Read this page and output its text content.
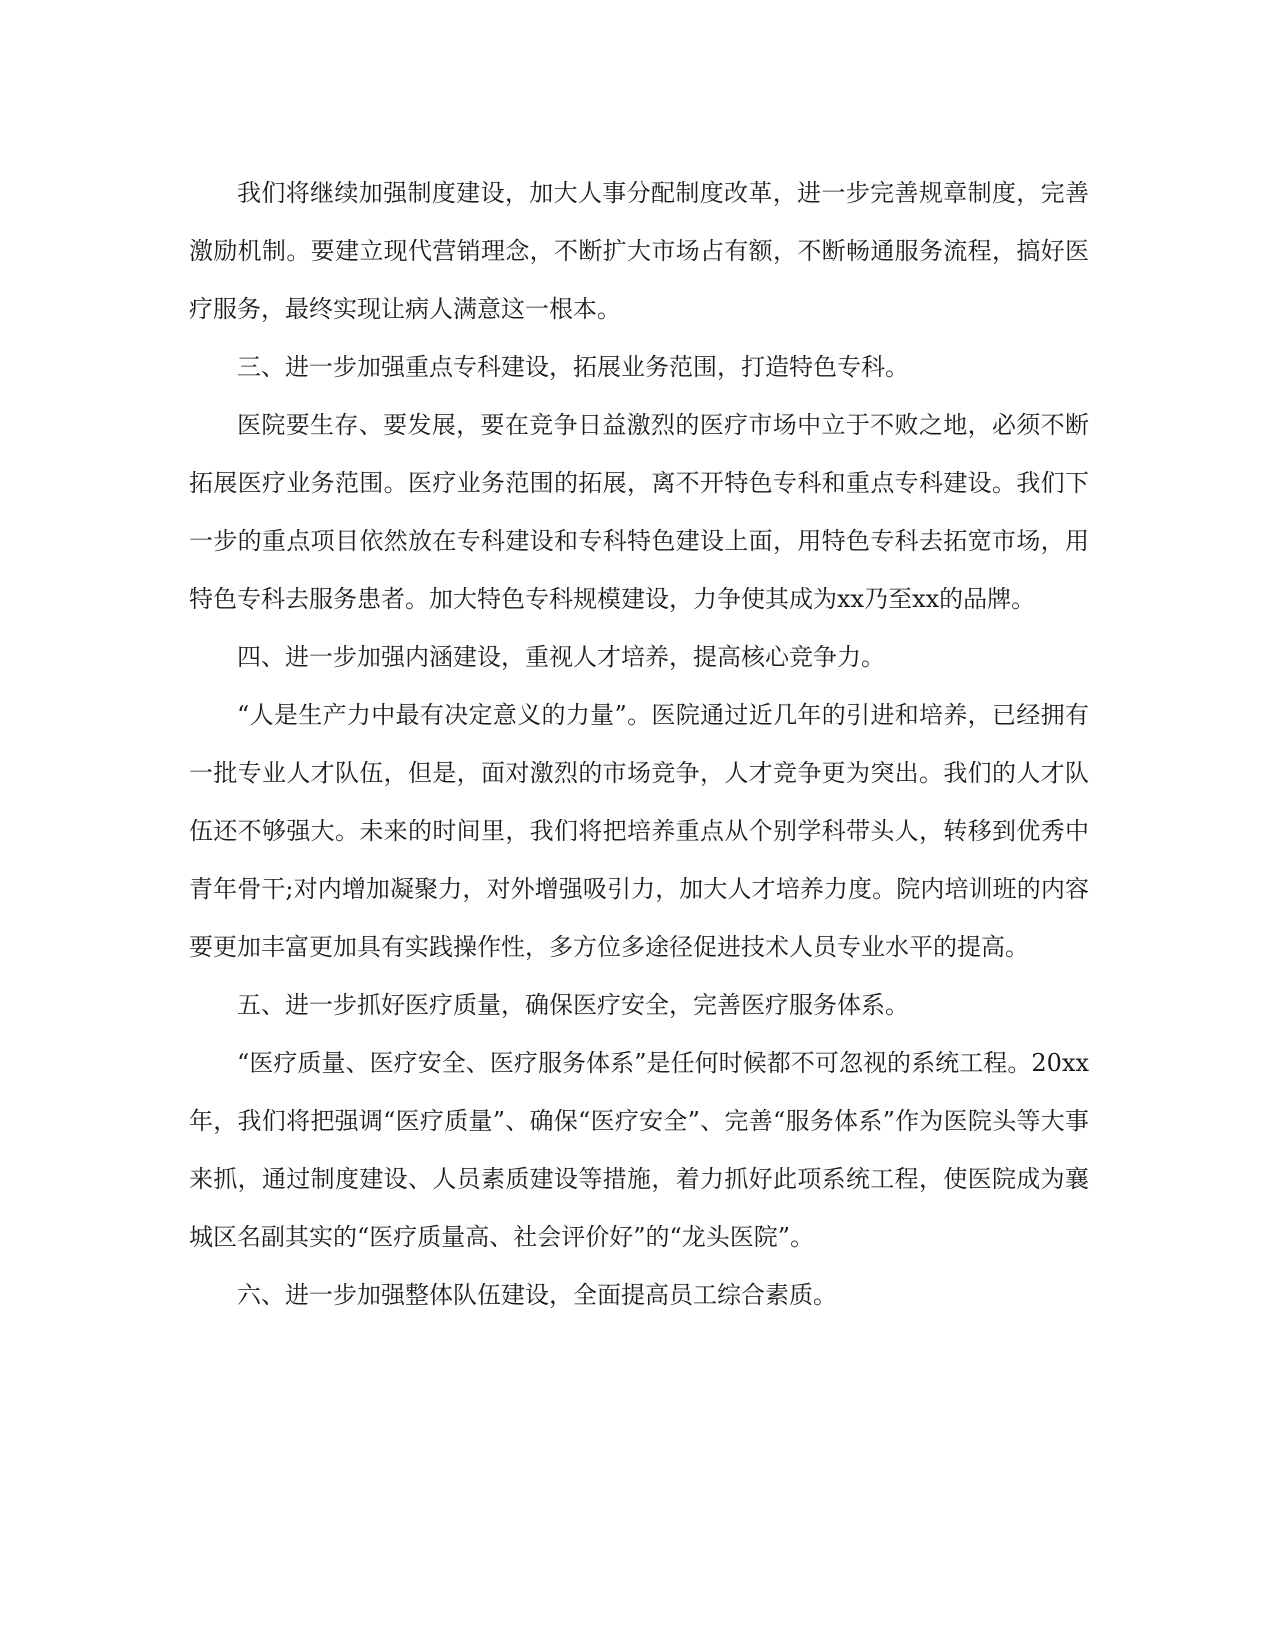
我们将继续加强制度建设，加大人事分配制度改革，进一步完善规章制度，完善激励机制。要建立现代营销理念，不断扩大市场占有额，不断畅通服务流程，搞好医疗服务，最终实现让病人满意这一根本。

三、进一步加强重点专科建设，拓展业务范围，打造特色专科。

医院要生存、要发展，要在竞争日益激烈的医疗市场中立于不败之地，必须不断拓展医疗业务范围。医疗业务范围的拓展，离不开特色专科和重点专科建设。我们下一步的重点项目依然放在专科建设和专科特色建设上面，用特色专科去拓宽市场，用特色专科去服务患者。加大特色专科规模建设，力争使其成为xx乃至xx的品牌。

四、进一步加强内涵建设，重视人才培养，提高核心竞争力。

“人是生产力中最有决定意义的力量”。医院通过近几年的引进和培养，已经拥有一批专业人才队伍，但是，面对激烈的市场竞争，人才竞争更为突出。我们的人才队伍还不够强大。未来的时间里，我们将把培养重点从个别学科带头人，转移到优秀中青年骨干;对内增加凝聚力，对外增强吸引力，加大人才培养力度。院内培训班的内容要更加丰富更加具有实践操作性，多方位多途径促进技术人员专业水平的提高。

五、进一步抓好医疗质量，确保医疗安全，完善医疗服务体系。

“医疗质量、医疗安全、医疗服务体系”是任何时候都不可忽视的系统工程。20xx年，我们将把强调“医疗质量”、确保“医疗安全”、完善“服务体系”作为医院头等大事来抓，通过制度建设、人员素质建设等措施，着力抓好此项系统工程，使医院成为襄城区名副其实的“医疗质量高、社会评价好”的“龙头医院”。

六、进一步加强整体队伍建设，全面提高员工综合素质。
